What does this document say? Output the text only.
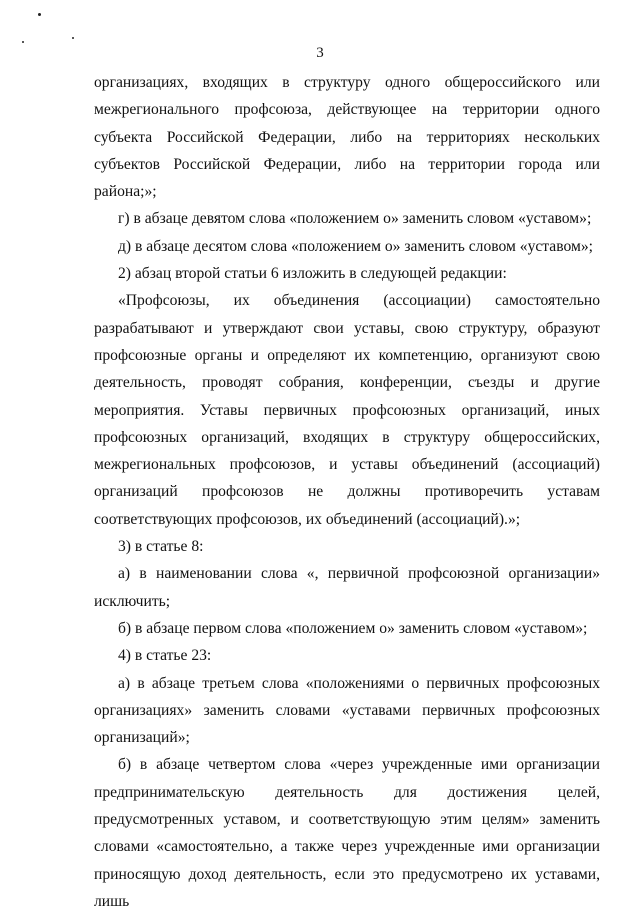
3

организациях, входящих в структуру одного общероссийского или межрегионального профсоюза, действующее на территории одного субъекта Российской Федерации, либо на территориях нескольких субъектов Российской Федерации, либо на территории города или района;»;

г) в абзаце девятом слова «положением о» заменить словом «уставом»;

д) в абзаце десятом слова «положением о» заменить словом «уставом»;

2) абзац второй статьи 6 изложить в следующей редакции:

«Профсоюзы, их объединения (ассоциации) самостоятельно разрабатывают и утверждают свои уставы, свою структуру, образуют профсоюзные органы и определяют их компетенцию, организуют свою деятельность, проводят собрания, конференции, съезды и другие мероприятия. Уставы первичных профсоюзных организаций, иных профсоюзных организаций, входящих в структуру общероссийских, межрегиональных профсоюзов, и уставы объединений (ассоциаций) организаций профсоюзов не должны противоречить уставам соответствующих профсоюзов, их объединений (ассоциаций).»;

3) в статье 8:

а) в наименовании слова «, первичной профсоюзной организации» исключить;

б) в абзаце первом слова «положением о» заменить словом «уставом»;

4) в статье 23:

а) в абзаце третьем слова «положениями о первичных профсоюзных организациях» заменить словами «уставами первичных профсоюзных организаций»;

б) в абзаце четвертом слова «через учрежденные ими организации предпринимательскую деятельность для достижения целей, предусмотренных уставом, и соответствующую этим целям» заменить словами «самостоятельно, а также через учрежденные ими организации приносящую доход деятельность, если это предусмотрено их уставами, лишь
